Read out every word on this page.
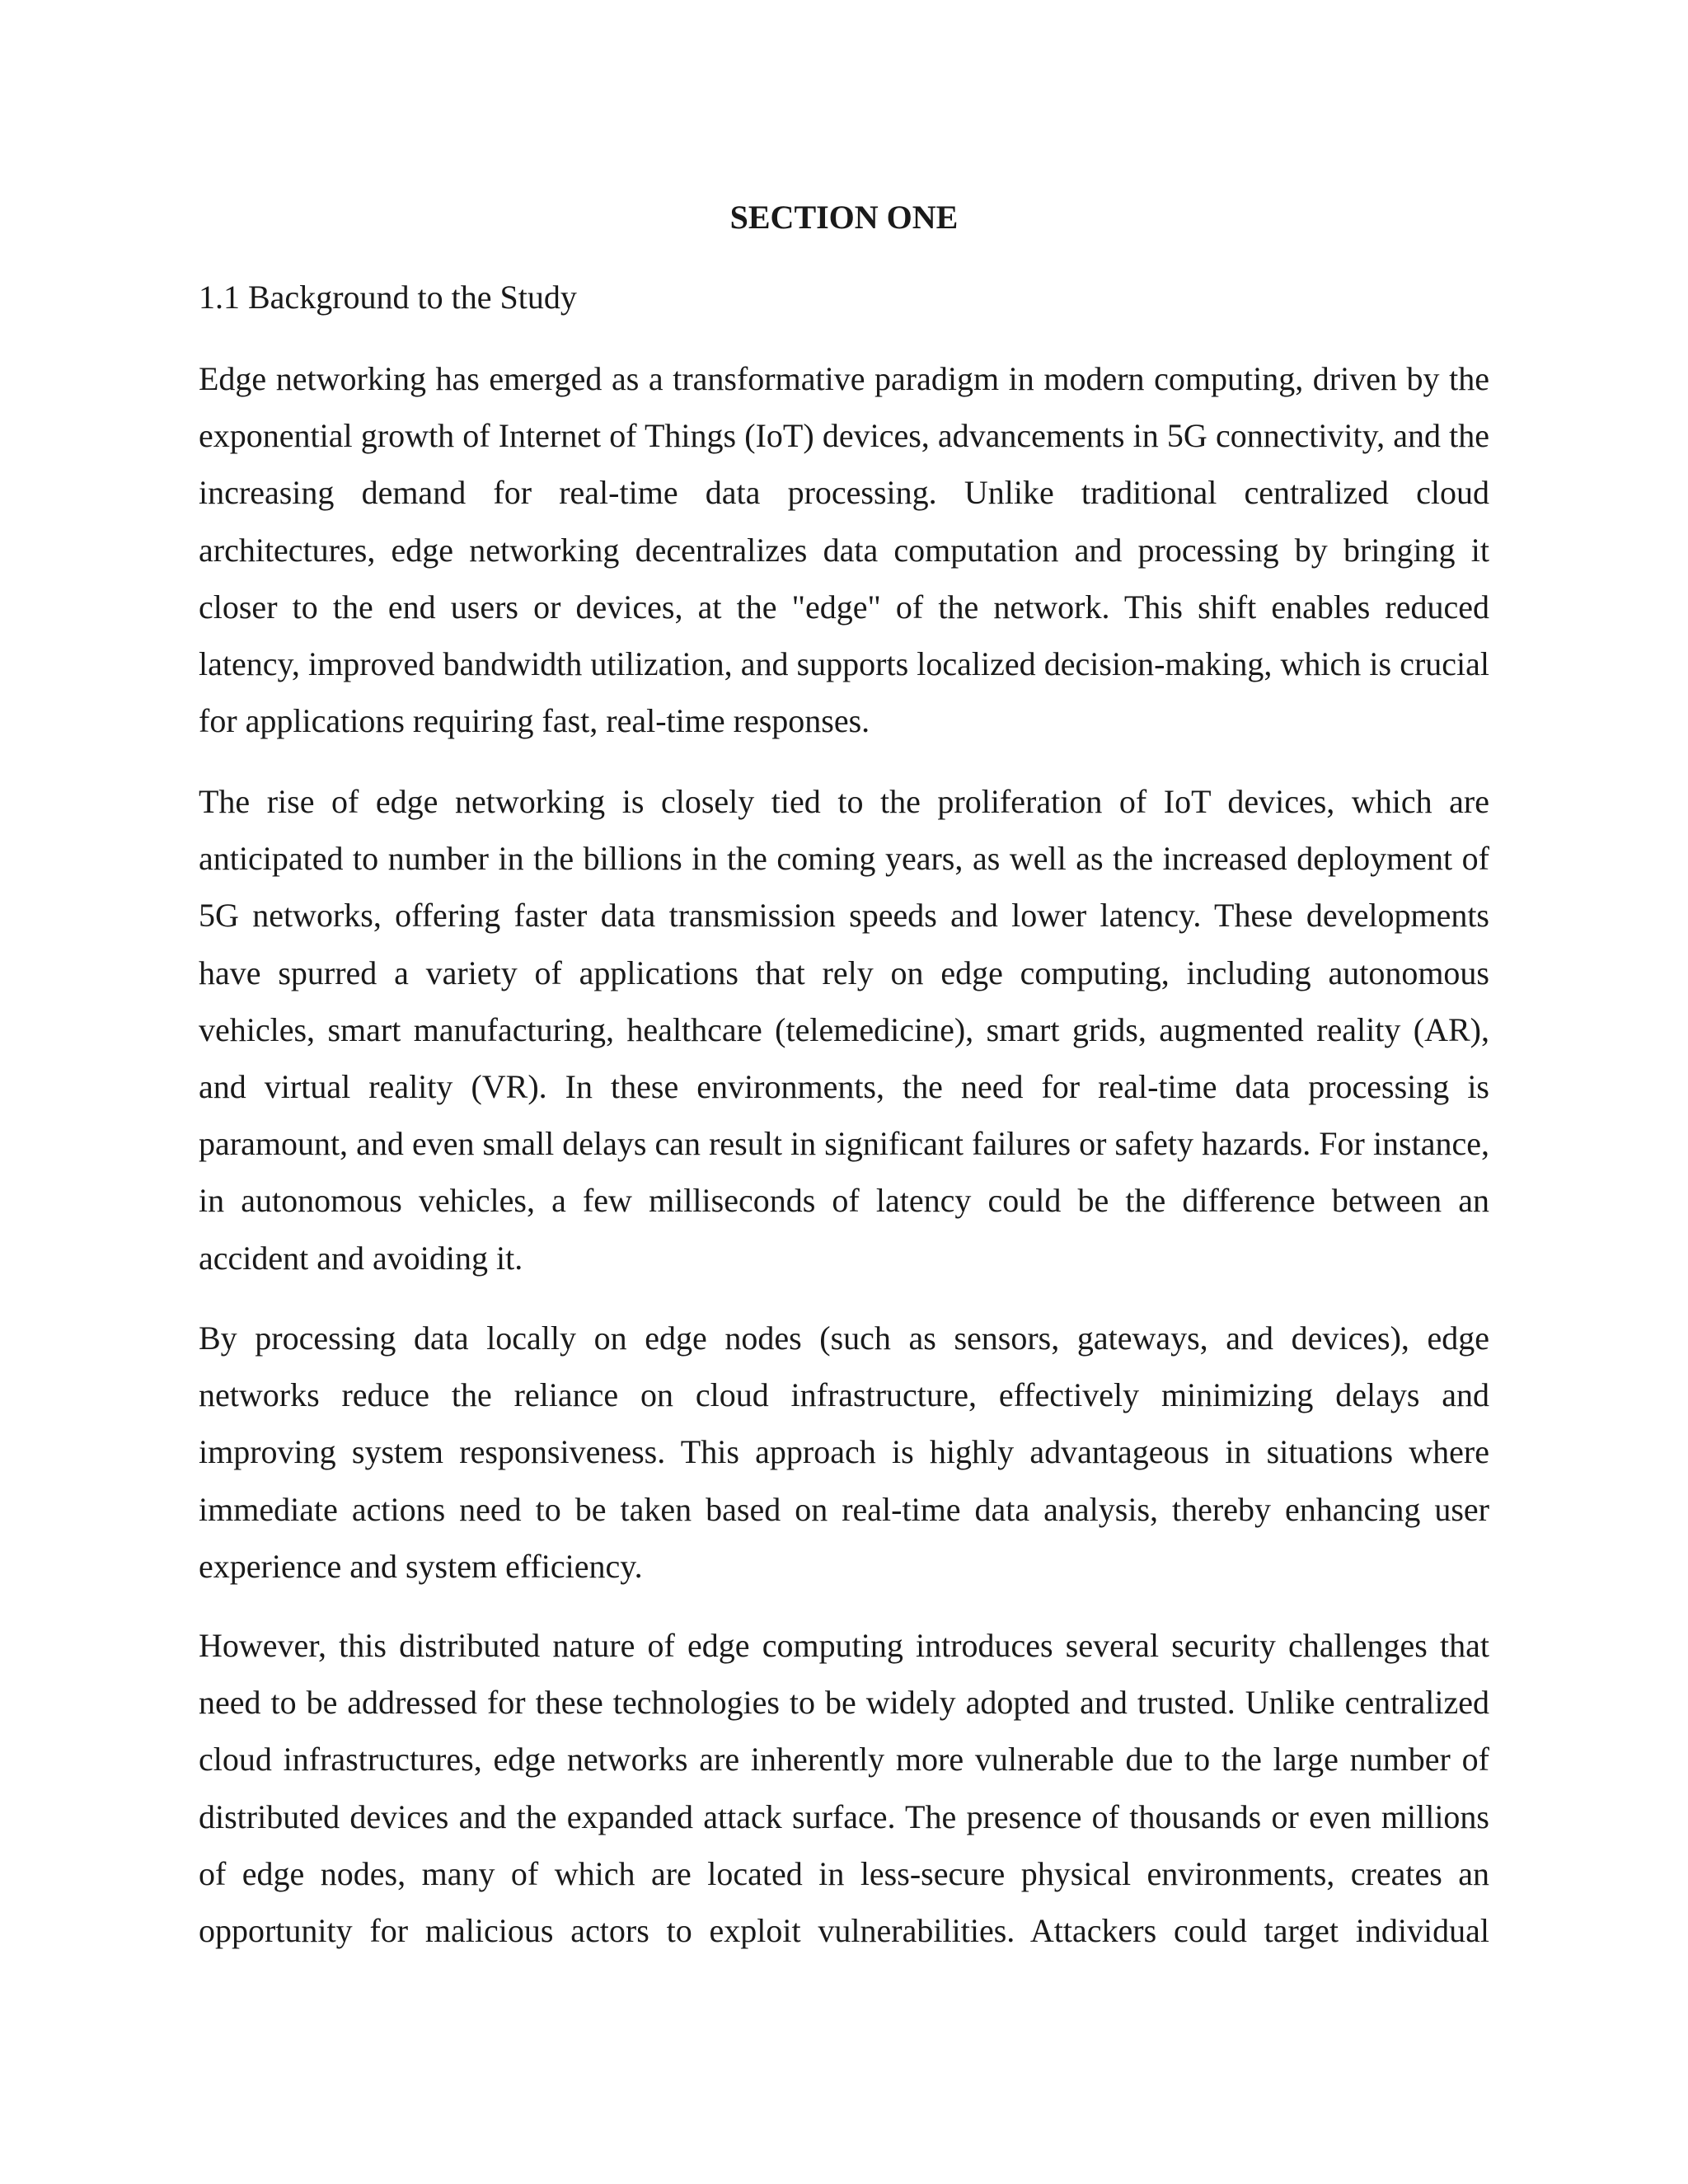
SECTION ONE
1.1 Background to the Study

Edge networking has emerged as a transformative paradigm in modern computing, driven by the exponential growth of Internet of Things (IoT) devices, advancements in 5G connectivity, and the increasing demand for real-time data processing. Unlike traditional centralized cloud architectures, edge networking decentralizes data computation and processing by bringing it closer to the end users or devices, at the "edge" of the network. This shift enables reduced latency, improved bandwidth utilization, and supports localized decision-making, which is crucial for applications requiring fast, real-time responses.

The rise of edge networking is closely tied to the proliferation of IoT devices, which are anticipated to number in the billions in the coming years, as well as the increased deployment of 5G networks, offering faster data transmission speeds and lower latency. These developments have spurred a variety of applications that rely on edge computing, including autonomous vehicles, smart manufacturing, healthcare (telemedicine), smart grids, augmented reality (AR), and virtual reality (VR). In these environments, the need for real-time data processing is paramount, and even small delays can result in significant failures or safety hazards. For instance, in autonomous vehicles, a few milliseconds of latency could be the difference between an accident and avoiding it.

By processing data locally on edge nodes (such as sensors, gateways, and devices), edge networks reduce the reliance on cloud infrastructure, effectively minimizing delays and improving system responsiveness. This approach is highly advantageous in situations where immediate actions need to be taken based on real-time data analysis, thereby enhancing user experience and system efficiency.

However, this distributed nature of edge computing introduces several security challenges that need to be addressed for these technologies to be widely adopted and trusted. Unlike centralized cloud infrastructures, edge networks are inherently more vulnerable due to the large number of distributed devices and the expanded attack surface. The presence of thousands or even millions of edge nodes, many of which are located in less-secure physical environments, creates an opportunity for malicious actors to exploit vulnerabilities. Attackers could target individual
